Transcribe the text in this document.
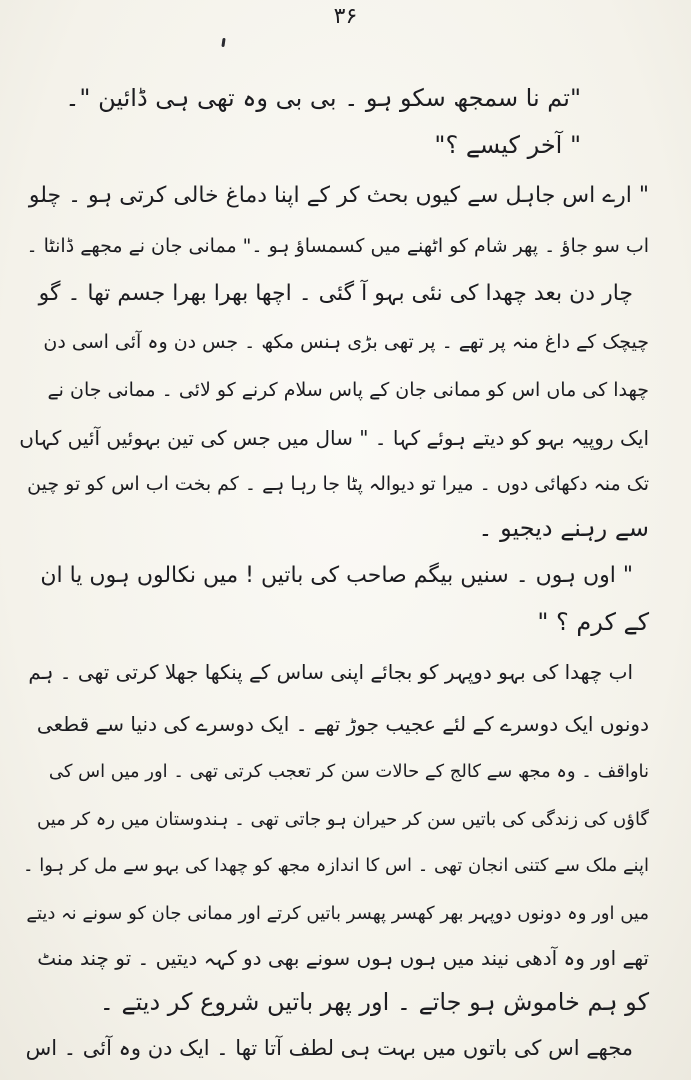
۳۶
"تم نا سمجھ سکو ہو ۔ بی بی وہ تھی ہی ڈائین "۔
" آخر کیسے ؟"
" ارے اس جاہل سے کیوں بحث کر کے اپنا دماغ خالی کرتی ہو ۔ چلو
اب سو جاؤ ۔ پھر شام کو اٹھنے میں کسمساؤ ہو ۔" ممانی جان نے مجھے ڈانٹا ۔
چار دن بعد چھدا کی نئی بہو آ گئی ۔ اچھا بھرا بھرا جسم تھا ۔ گو
چیچک کے داغ منہ پر تھے ۔ پر تھی بڑی ہنس مکھ ۔ جس دن وہ آئی اسی دن
چھدا کی ماں اس کو ممانی جان کے پاس سلام کرنے کو لائی ۔ ممانی جان نے
ایک روپیہ بہو کو دیتے ہوئے کہا ۔ " سال میں جس کی تین بہوئیں آئیں کہاں
تک منہ دکھائی دوں ۔ میرا تو دیوالہ پٹا جا رہا ہے ۔ کم بخت اب اس کو تو چین
سے رہنے دیجیو ۔
" اوں ہوں ۔ سنیں بیگم صاحب کی باتیں ! میں نکالوں ہوں یا ان
کے کرم ؟ "
اب چھدا کی بہو دوپہر کو بجائے اپنی ساس کے پنکھا جھلا کرتی تھی ۔ ہم
دونوں ایک دوسرے کے لئے عجیب جوڑ تھے ۔ ایک دوسرے کی دنیا سے قطعی
ناواقف ۔ وہ مجھ سے کالج کے حالات سن کر تعجب کرتی تھی ۔ اور میں اس کی
گاؤں کی زندگی کی باتیں سن کر حیران ہو جاتی تھی ۔ ہندوستان میں رہ کر میں
اپنے ملک سے کتنی انجان تھی ۔ اس کا اندازہ مجھ کو چھدا کی بہو سے مل کر ہوا ۔
میں اور وہ دونوں دوپہر بھر کھسر پھسر باتیں کرتے اور ممانی جان کو سونے نہ دیتے
تھے اور وہ آدھی نیند میں ہوں ہوں سونے بھی دو کہہ دیتیں ۔ تو چند منٹ
کو ہم خاموش ہو جاتے ۔ اور پھر باتیں شروع کر دیتے ۔
مجھے اس کی باتوں میں بہت ہی لطف آتا تھا ۔ ایک دن وہ آئی ۔ اس
